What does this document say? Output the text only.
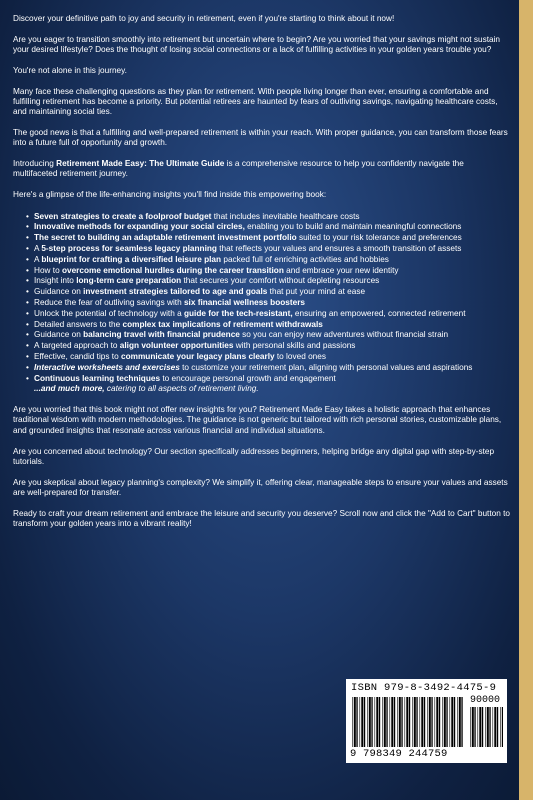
Discover your definitive path to joy and security in retirement, even if you're starting to think about it now!

Are you eager to transition smoothly into retirement but uncertain where to begin? Are you worried that your savings might not sustain your desired lifestyle? Does the thought of losing social connections or a lack of fulfilling activities in your golden years trouble you?

You're not alone in this journey.

Many face these challenging questions as they plan for retirement. With people living longer than ever, ensuring a comfortable and fulfilling retirement has become a priority. But potential retirees are haunted by fears of outliving savings, navigating healthcare costs, and maintaining social ties.

The good news is that a fulfilling and well-prepared retirement is within your reach. With proper guidance, you can transform those fears into a future full of opportunity and growth.

Introducing Retirement Made Easy: The Ultimate Guide is a comprehensive resource to help you confidently navigate the multifaceted retirement journey.

Here's a glimpse of the life-enhancing insights you'll find inside this empowering book:

• Seven strategies to create a foolproof budget that includes inevitable healthcare costs
• Innovative methods for expanding your social circles, enabling you to build and maintain meaningful connections
• The secret to building an adaptable retirement investment portfolio suited to your risk tolerance and preferences
• A 5-step process for seamless legacy planning that reflects your values and ensures a smooth transition of assets
• A blueprint for crafting a diversified leisure plan packed full of enriching activities and hobbies
• How to overcome emotional hurdles during the career transition and embrace your new identity
• Insight into long-term care preparation that secures your comfort without depleting resources
• Guidance on investment strategies tailored to age and goals that put your mind at ease
• Reduce the fear of outliving savings with six financial wellness boosters
• Unlock the potential of technology with a guide for the tech-resistant, ensuring an empowered, connected retirement
• Detailed answers to the complex tax implications of retirement withdrawals
• Guidance on balancing travel with financial prudence so you can enjoy new adventures without financial strain
• A targeted approach to align volunteer opportunities with personal skills and passions
• Effective, candid tips to communicate your legacy plans clearly to loved ones
• Interactive worksheets and exercises to customize your retirement plan, aligning with personal values and aspirations
• Continuous learning techniques to encourage personal growth and engagement
...and much more, catering to all aspects of retirement living.

Are you worried that this book might not offer new insights for you? Retirement Made Easy takes a holistic approach that enhances traditional wisdom with modern methodologies. The guidance is not generic but tailored with rich personal stories, customizable plans, and grounded insights that resonate across various financial and individual situations.

Are you concerned about technology? Our section specifically addresses beginners, helping bridge any digital gap with step-by-step tutorials.

Are you skeptical about legacy planning's complexity? We simplify it, offering clear, manageable steps to ensure your values and assets are well-prepared for transfer.

Ready to craft your dream retirement and embrace the leisure and security you deserve? Scroll now and click the "Add to Cart" button to transform your golden years into a vibrant reality!

ISBN 979-8-3492-4475-9
90000
9 798349 244759
